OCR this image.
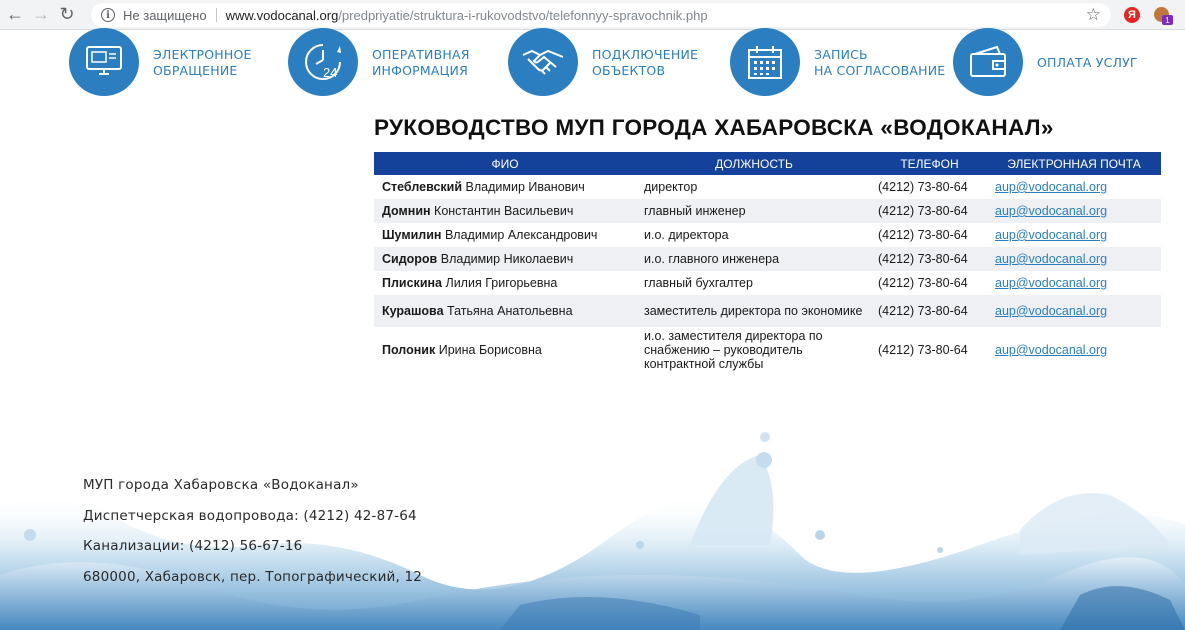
← → ↻	i	Не защищено www.vodocanal.org /predpriyatie/struktura-i-rukovodstvo/telefonnyy-spravochnik.php	☆	Я	1
ЭЛЕКТРОННОЕ
ОБРАЩЕНИЕ	24
ОПЕРАТИВНАЯ
ИНФОРМАЦИЯ
ПОДКЛЮЧЕНИЕ
ОБЪЕКТОВ
ЗАПИСЬ
НА СОГЛАСОВАНИЕ
ОПЛАТА УСЛУГ
РУКОВОДСТВО МУП ГОРОДА ХАБАРОВСКА «ВОДОКАНАЛ»
ФИО	ДОЛЖНОСТЬ	ТЕЛЕФОН	ЭЛЕКТРОННАЯ ПОЧТА
Стеблевский Владимир Иванович	директор	(4212) 73-80-64	aup@vodocanal.org
Домнин Константин Васильевич	главный инженер	(4212) 73-80-64	aup@vodocanal.org
Шумилин Владимир Александрович	и.о. директора	(4212) 73-80-64	aup@vodocanal.org
Сидоров Владимир Николаевич	и.о. главного инженера	(4212) 73-80-64	aup@vodocanal.org
Плискина Лилия Григорьевна	главный бухгалтер	(4212) 73-80-64	aup@vodocanal.org
Курашова Татьяна Анатольевна	заместитель директора по экономике	(4212) 73-80-64	aup@vodocanal.org
Полоник Ирина Борисовна	и.о. заместителя директора по снабжению – руководитель контрактной службы	(4212) 73-80-64	aup@vodocanal.org
МУП города Хабаровска «Водоканал»
Диспетчерская водопровода: (4212) 42-87-64
Канализации: (4212) 56-67-16
680000, Хабаровск, пер. Топографический, 12
